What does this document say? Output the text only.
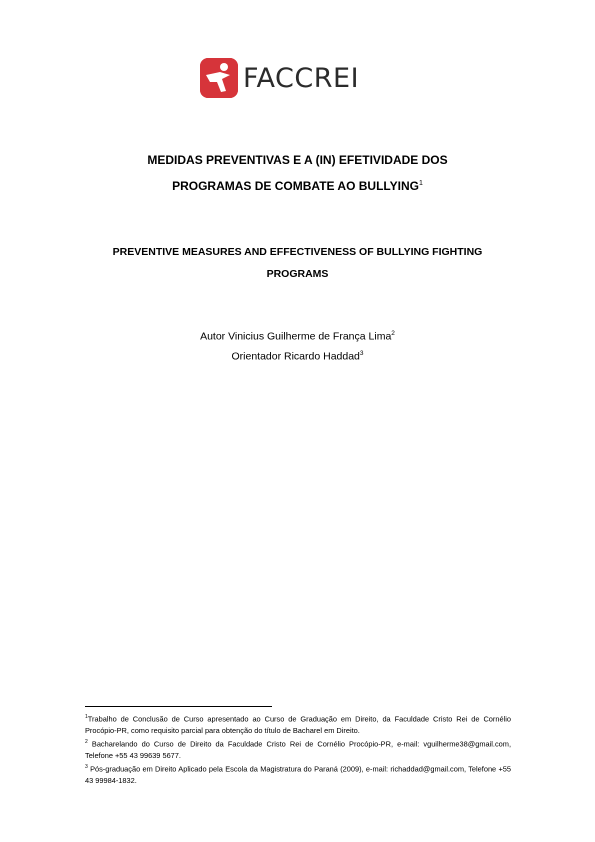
FACCREI
MEDIDAS PREVENTIVAS E A (IN) EFETIVIDADE DOS
PROGRAMAS DE COMBATE AO BULLYING$^1$
PREVENTIVE MEASURES AND EFFECTIVENESS OF BULLYING FIGHTING
PROGRAMS
Autor Vinicius Guilherme de França Lima$^2$
Orientador Ricardo Haddad$^3$

$^1$Trabalho de Conclusão de Curso apresentado ao Curso de Graduação em Direito, da Faculdade Cristo Rei de Cornélio Procópio-PR, como requisito parcial para obtenção do título de Bacharel em Direito.

$^2$ Bacharelando do Curso de Direito da Faculdade Cristo Rei de Cornélio Procópio-PR, e-mail: vguilherme38@gmail.com, Telefone +55 43 99639 5677.

$^3$ Pós-graduação em Direito Aplicado pela Escola da Magistratura do Paraná (2009), e-mail: richaddad@gmail.com, Telefone +55 43 99984-1832.
